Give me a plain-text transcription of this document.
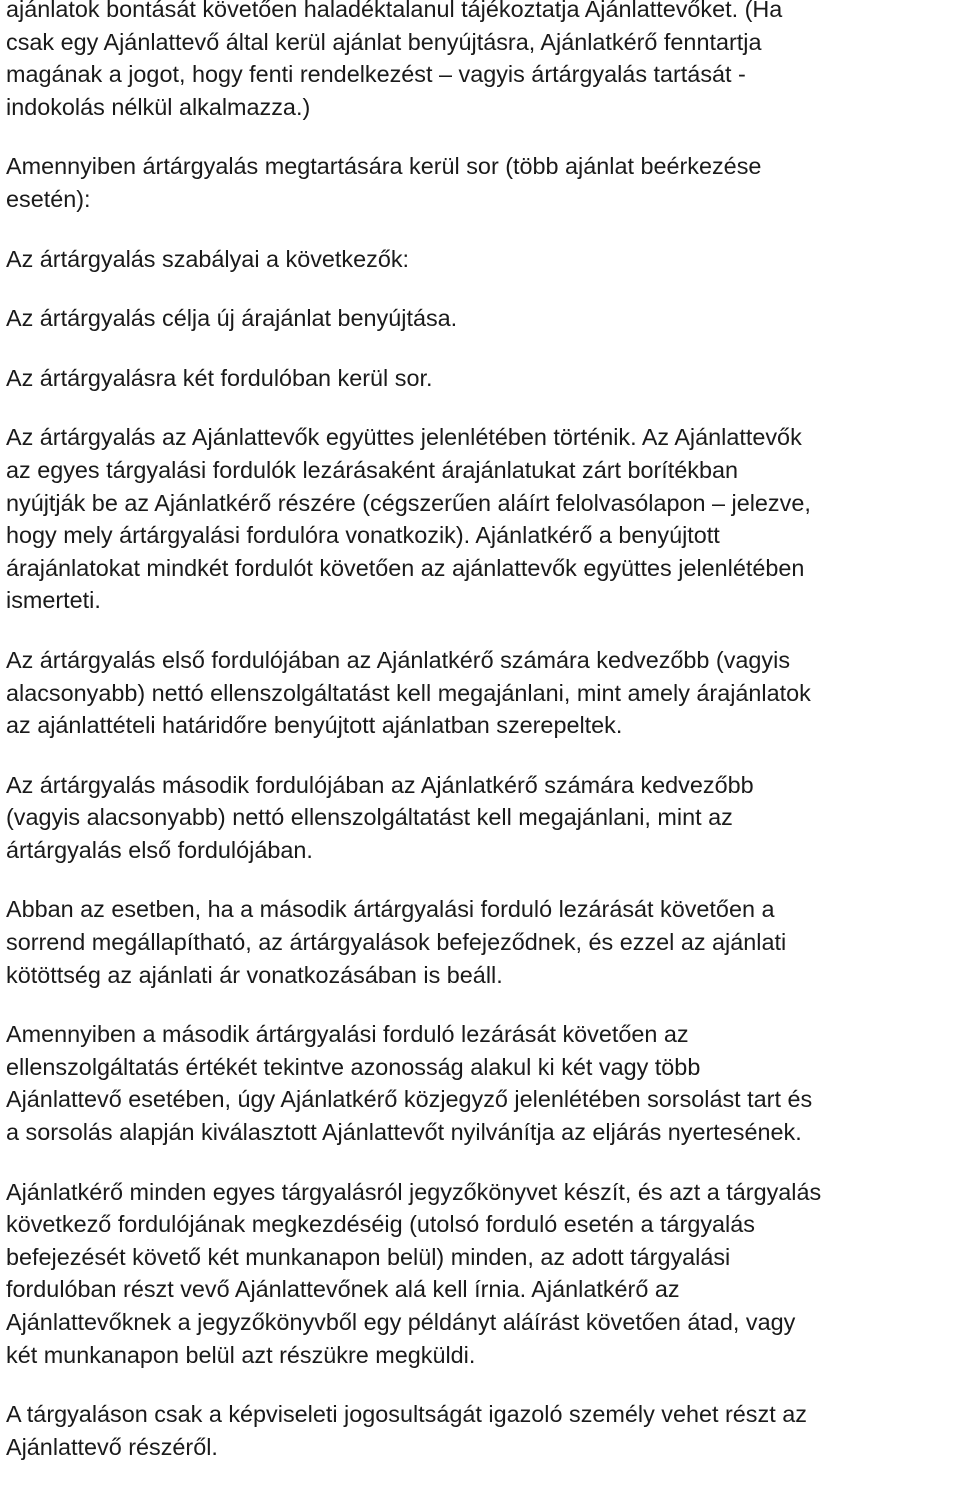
ajánlatok bontását követően haladéktalanul tájékoztatja Ajánlattevőket. (Ha
csak egy Ajánlattevő által kerül ajánlat benyújtásra, Ajánlatkérő fenntartja
magának a jogot, hogy fenti rendelkezést – vagyis ártárgyalás tartását -
indokolás nélkül alkalmazza.)

Amennyiben ártárgyalás megtartására kerül sor (több ajánlat beérkezése
esetén):

Az ártárgyalás szabályai a következők:

Az ártárgyalás célja új árajánlat benyújtása.

Az ártárgyalásra két fordulóban kerül sor.

Az ártárgyalás az Ajánlattevők együttes jelenlétében történik. Az Ajánlattevők
az egyes tárgyalási fordulók lezárásaként árajánlatukat zárt borítékban
nyújtják be az Ajánlatkérő részére (cégszerűen aláírt felolvasólapon – jelezve,
hogy mely ártárgyalási fordulóra vonatkozik). Ajánlatkérő a benyújtott
árajánlatokat mindkét fordulót követően az ajánlattevők együttes jelenlétében
ismerteti.

Az ártárgyalás első fordulójában az Ajánlatkérő számára kedvezőbb (vagyis
alacsonyabb) nettó ellenszolgáltatást kell megajánlani, mint amely árajánlatok
az ajánlattételi határidőre benyújtott ajánlatban szerepeltek.

Az ártárgyalás második fordulójában az Ajánlatkérő számára kedvezőbb
(vagyis alacsonyabb) nettó ellenszolgáltatást kell megajánlani, mint az
ártárgyalás első fordulójában.

Abban az esetben, ha a második ártárgyalási forduló lezárását követően a
sorrend megállapítható, az ártárgyalások befejeződnek, és ezzel az ajánlati
kötöttség az ajánlati ár vonatkozásában is beáll.

Amennyiben a második ártárgyalási forduló lezárását követően az
ellenszolgáltatás értékét tekintve azonosság alakul ki két vagy több
Ajánlattevő esetében, úgy Ajánlatkérő közjegyző jelenlétében sorsolást tart és
a sorsolás alapján kiválasztott Ajánlattevőt nyilvánítja az eljárás nyertesének.

Ajánlatkérő minden egyes tárgyalásról jegyzőkönyvet készít, és azt a tárgyalás
következő fordulójának megkezdéséig (utolsó forduló esetén a tárgyalás
befejezését követő két munkanapon belül) minden, az adott tárgyalási
fordulóban részt vevő Ajánlattevőnek alá kell írnia. Ajánlatkérő az
Ajánlattevőknek a jegyzőkönyvből egy példányt aláírást követően átad, vagy
két munkanapon belül azt részükre megküldi.

A tárgyaláson csak a képviseleti jogosultságát igazoló személy vehet részt az
Ajánlattevő részéről.
